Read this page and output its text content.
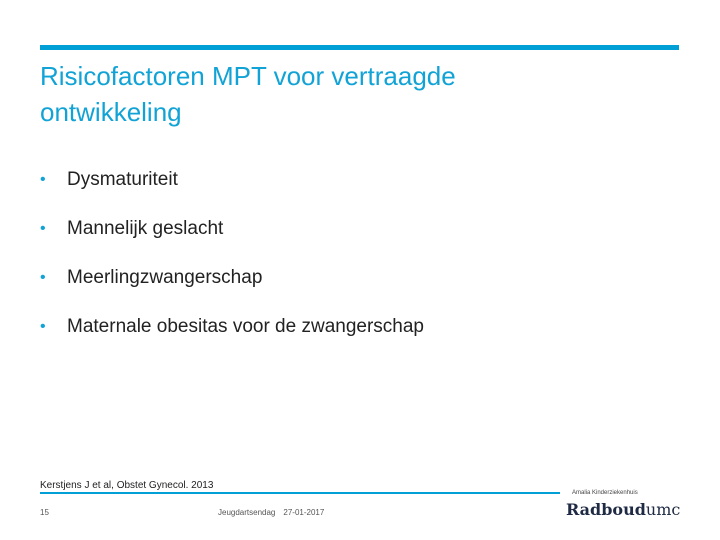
Risicofactoren MPT voor vertraagde
ontwikkeling
•	Dysmaturiteit
•	Mannelijk geslacht
•	Meerlingzwangerschap
•	Maternale obesitas voor de zwangerschap
Kerstjens J et al, Obstet Gynecol. 2013
15	Jeugdartsendag 27-01-2017
Amalia Kinderziekenhuis
Radboudumc
